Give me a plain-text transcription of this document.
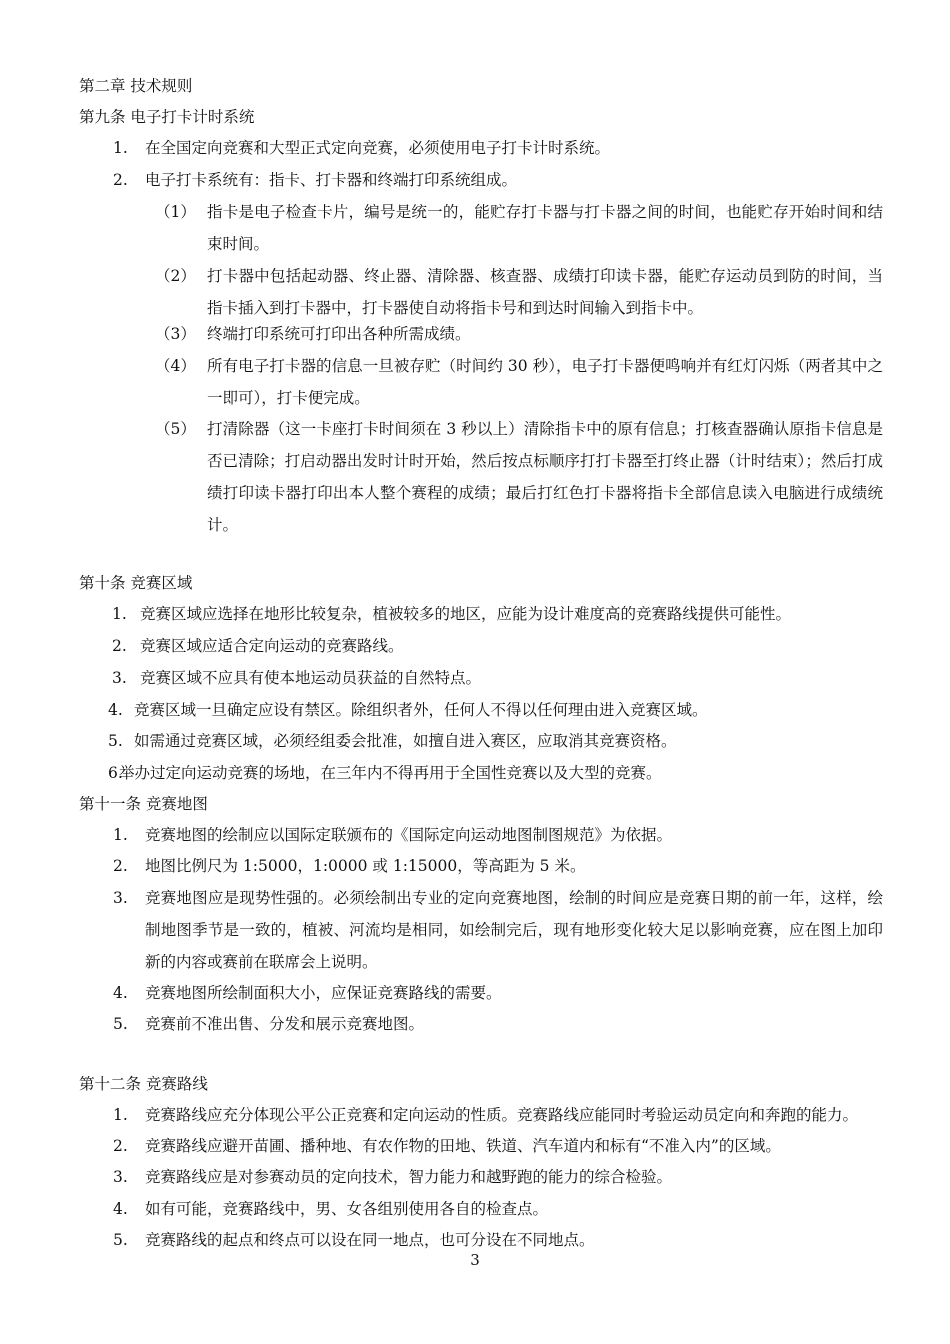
第二章 技术规则
第九条 电子打卡计时系统
1. 在全国定向竞赛和大型正式定向竞赛，必须使用电子打卡计时系统。
2. 电子打卡系统有：指卡、打卡器和终端打印系统组成。
（1） 指卡是电子检查卡片，编号是统一的，能贮存打卡器与打卡器之间的时间，也能贮存开始时间和结束时间。
（2） 打卡器中包括起动器、终止器、清除器、核查器、成绩打印读卡器，能贮存运动员到防的时间，当指卡插入到打卡器中，打卡器使自动将指卡号和到达时间输入到指卡中。
（3） 终端打印系统可打印出各种所需成绩。
（4） 所有电子打卡器的信息一旦被存贮（时间约 30 秒），电子打卡器便鸣响并有红灯闪烁（两者其中之一即可），打卡便完成。
（5） 打清除器（这一卡座打卡时间须在 3 秒以上）清除指卡中的原有信息；打核查器确认原指卡信息是否已清除；打启动器出发时计时开始，然后按点标顺序打打卡器至打终止器（计时结束）；然后打成绩打印读卡器打印出本人整个赛程的成绩；最后打红色打卡器将指卡全部信息读入电脑进行成绩统计。
第十条 竞赛区域
1. 竞赛区域应选择在地形比较复杂，植被较多的地区，应能为设计难度高的竞赛路线提供可能性。
2. 竞赛区域应适合定向运动的竞赛路线。
3. 竞赛区域不应具有使本地运动员获益的自然特点。
4. 竞赛区域一旦确定应设有禁区。除组织者外，任何人不得以任何理由进入竞赛区域。
5. 如需通过竞赛区域，必须经组委会批准，如擅自进入赛区，应取消其竞赛资格。
6.
举办过定向运动竞赛的场地，在三年内不得再用于全国性竞赛以及大型的竞赛。
第十一条 竞赛地图
1. 竞赛地图的绘制应以国际定联颁布的《国际定向运动地图制图规范》为依据。
2. 地图比例尺为 1:5000，1:0000 或 1:15000，等高距为 5 米。
3. 竞赛地图应是现势性强的。必须绘制出专业的定向竞赛地图，绘制的时间应是竞赛日期的前一年，这样，绘制地图季节是一致的，植被、河流均是相同，如绘制完后，现有地形变化较大足以影响竞赛，应在图上加印新的内容或赛前在联席会上说明。
4. 竞赛地图所绘制面积大小，应保证竞赛路线的需要。
5. 竞赛前不准出售、分发和展示竞赛地图。
第十二条 竞赛路线
1. 竞赛路线应充分体现公平公正竞赛和定向运动的性质。竞赛路线应能同时考验运动员定向和奔跑的能力。
2. 竞赛路线应避开苗圃、播种地、有农作物的田地、铁道、汽车道内和标有“不准入内”的区域。
3. 竞赛路线应是对参赛动员的定向技术，智力能力和越野跑的能力的综合检验。
4. 如有可能，竞赛路线中，男、女各组别使用各自的检查点。
5. 竞赛路线的起点和终点可以设在同一地点，也可分设在不同地点。
3
